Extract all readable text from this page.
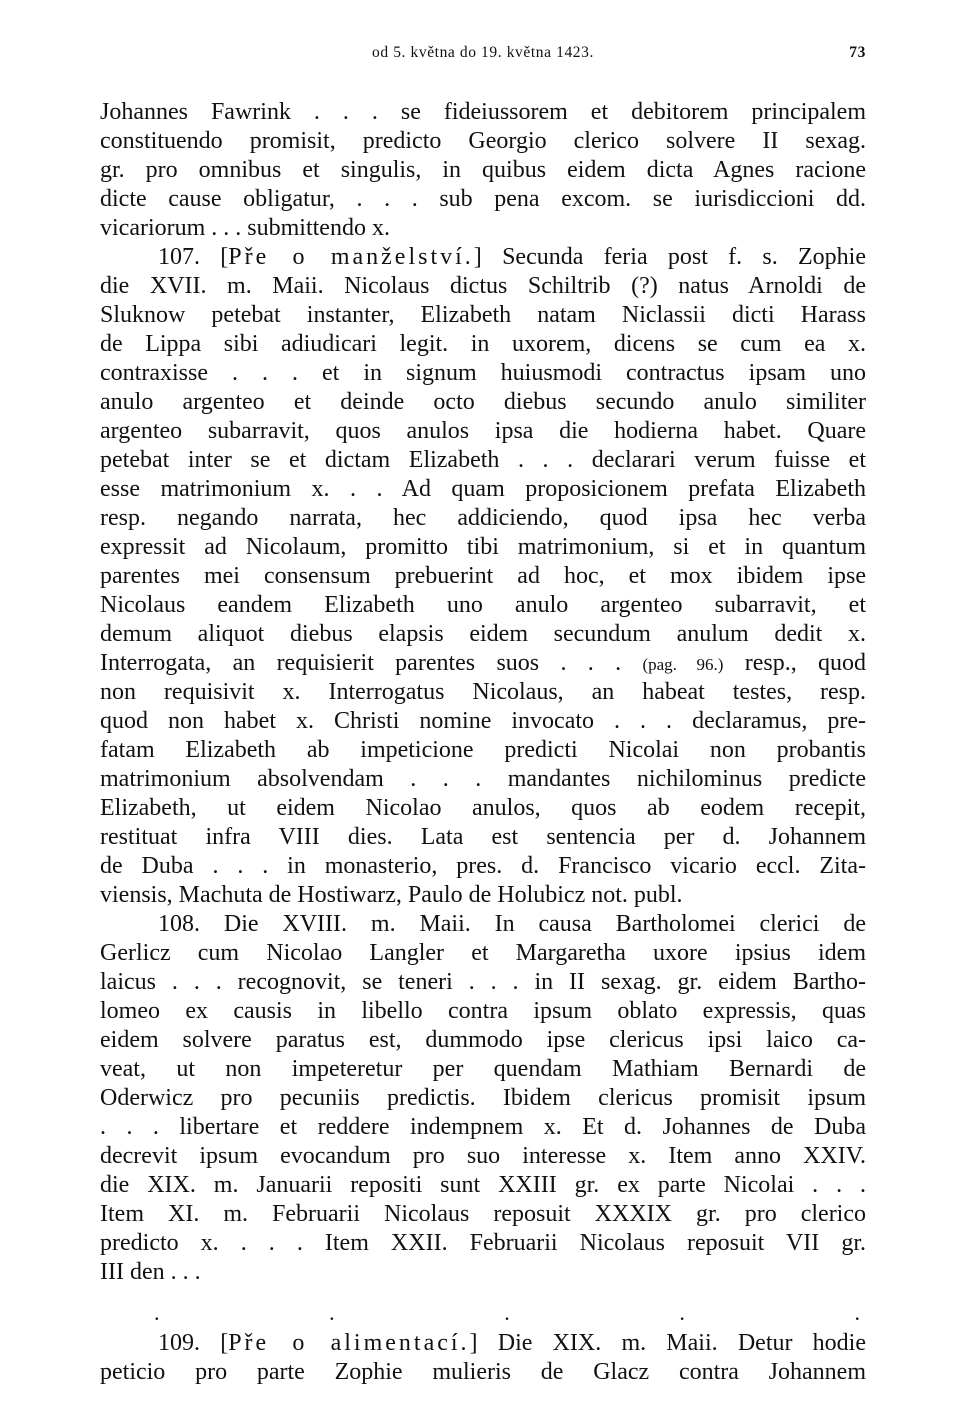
od 5. května do 19. května 1423.	73
Johannes Fawrink . . . se fideiussorem et debitorem principalem
constituendo promisit, predicto Georgio clerico solvere II sexag.
gr. pro omnibus et singulis, in quibus eidem dicta Agnes racione
dicte cause obligatur, . . . sub pena excom. se iurisdiccioni dd.
vicariorum . . . submittendo x.
107. [Pře o manželství.] Secunda feria post f. s. Zophie
die XVII. m. Maii. Nicolaus dictus Schiltrib (?) natus Arnoldi de
Sluknow petebat instanter, Elizabeth natam Niclassii dicti Harass
de Lippa sibi adiudicari legit. in uxorem, dicens se cum ea x.
contraxisse . . . et in signum huiusmodi contractus ipsam uno
anulo argenteo et deinde octo diebus secundo anulo similiter
argenteo subarravit, quos anulos ipsa die hodierna habet. Quare
petebat inter se et dictam Elizabeth . . . declarari verum fuisse et
esse matrimonium x. . . Ad quam proposicionem prefata Elizabeth
resp. negando narrata, hec addiciendo, quod ipsa hec verba
expressit ad Nicolaum, promitto tibi matrimonium, si et in quantum
parentes mei consensum prebuerint ad hoc, et mox ibidem ipse
Nicolaus eandem Elizabeth uno anulo argenteo subarravit, et
demum aliquot diebus elapsis eidem secundum anulum dedit x.
Interrogata, an requisierit parentes suos . . . (pag. 96.) resp., quod
non requisivit x. Interrogatus Nicolaus, an habeat testes, resp.
quod non habet x. Christi nomine invocato . . . declaramus, pre-
fatam Elizabeth ab impeticione predicti Nicolai non probantis
matrimonium absolvendam . . . mandantes nichilominus predicte
Elizabeth, ut eidem Nicolao anulos, quos ab eodem recepit,
restituat infra VIII dies. Lata est sentencia per d. Johannem
de Duba . . . in monasterio, pres. d. Francisco vicario eccl. Zita-
viensis, Machuta de Hostiwarz, Paulo de Holubicz not. publ.
108. Die XVIII. m. Maii. In causa Bartholomei clerici de
Gerlicz cum Nicolao Langler et Margaretha uxore ipsius idem
laicus . . . recognovit, se teneri . . . in II sexag. gr. eidem Bartho-
lomeo ex causis in libello contra ipsum oblato expressis, quas
eidem solvere paratus est, dummodo ipse clericus ipsi laico ca-
veat, ut non impeteretur per quendam Mathiam Bernardi de
Oderwicz pro pecuniis predictis. Ibidem clericus promisit ipsum
. . . libertare et reddere indempnem x. Et d. Johannes de Duba
decrevit ipsum evocandum pro suo interesse x. Item anno XXIV.
die XIX. m. Januarii repositi sunt XXIII gr. ex parte Nicolai . . .
Item XI. m. Februarii Nicolaus reposuit XXXIX gr. pro clerico
predicto x. . . . Item XXII. Februarii Nicolaus reposuit VII gr.
III den . . .
. . . . .
109. [Pře o alimentací.] Die XIX. m. Maii. Detur hodie
peticio pro parte Zophie mulieris de Glacz contra Johannem
